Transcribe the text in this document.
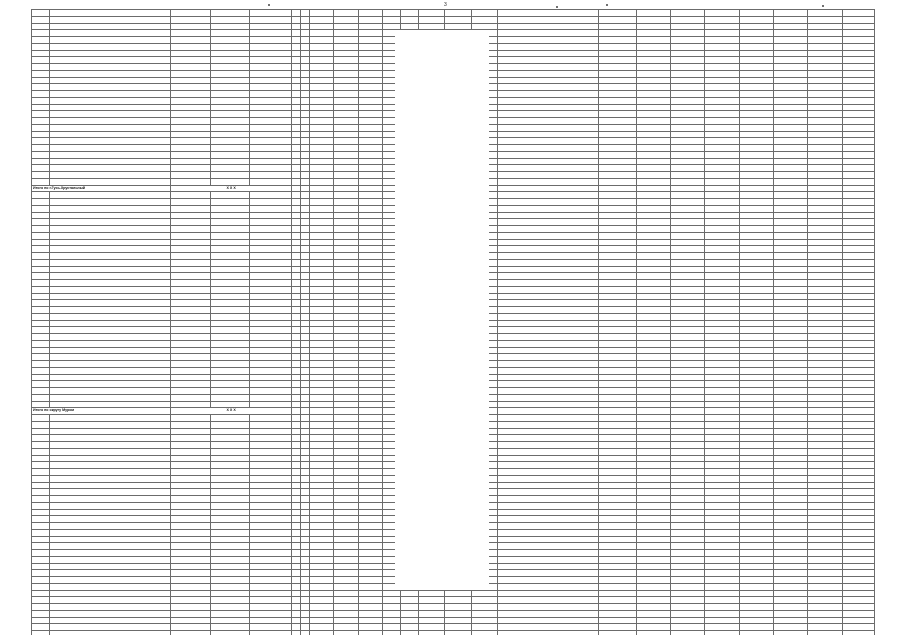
3

Итого по г.Гусь-Хрустальный		X X X																					

Итого по округу Муром		X X X																					
